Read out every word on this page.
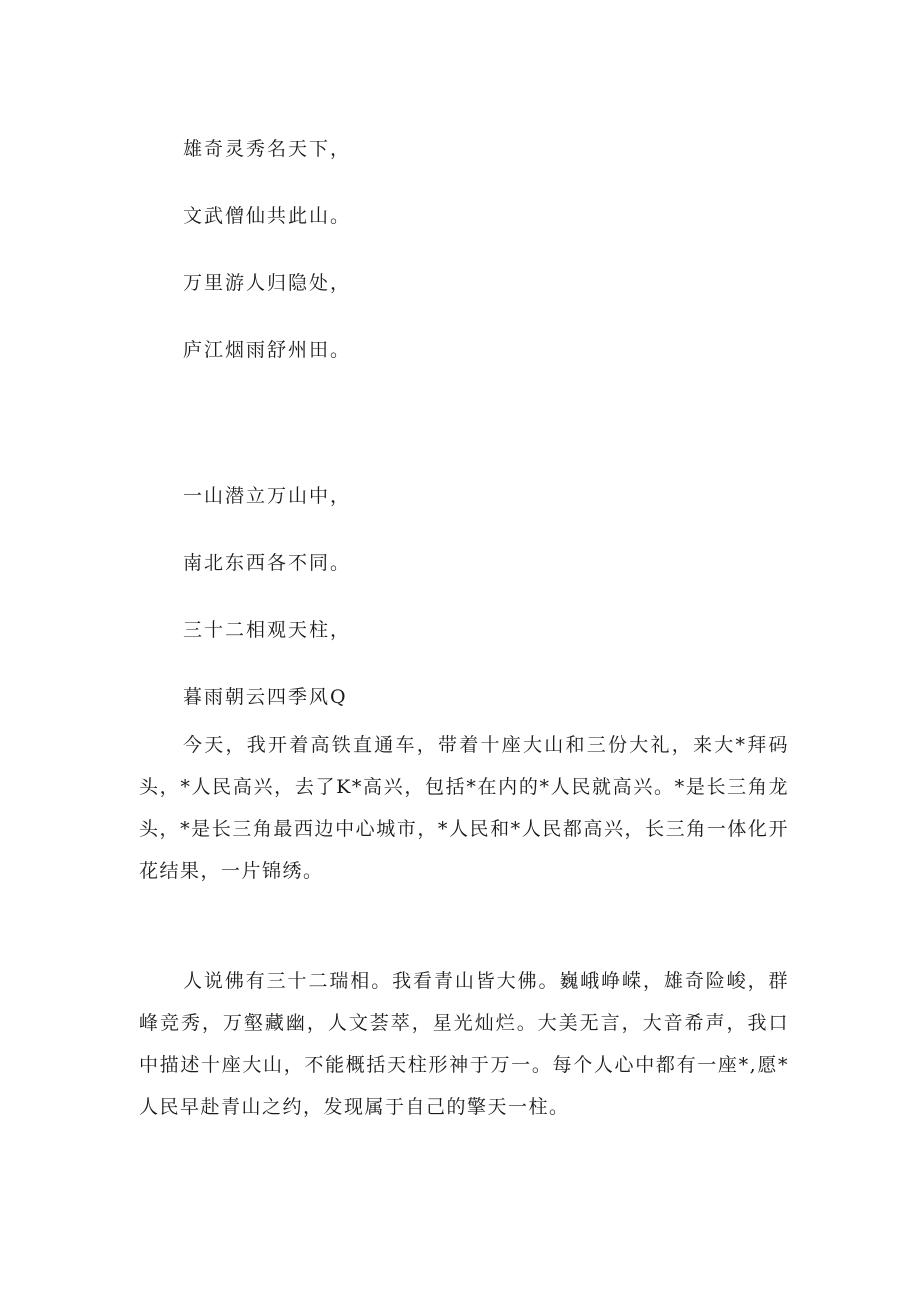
雄奇灵秀名天下，
文武僧仙共此山。
万里游人归隐处，
庐江烟雨舒州田。
一山潜立万山中，
南北东西各不同。
三十二相观天柱，
暮雨朝云四季风Q

今天，我开着高铁直通车，带着十座大山和三份大礼，来大*拜码头，*人民高兴，去了K*高兴，包括*在内的*人民就高兴。*是长三角龙头，*是长三角最西边中心城市，*人民和*人民都高兴，长三角一体化开花结果，一片锦绣。

人说佛有三十二瑞相。我看青山皆大佛。巍峨峥嵘，雄奇险峻，群峰竞秀，万壑藏幽，人文荟萃，星光灿烂。大美无言，大音希声，我口中描述十座大山，不能概括天柱形神于万一。每个人心中都有一座*,愿*人民早赴青山之约，发现属于自己的擎天一柱。
